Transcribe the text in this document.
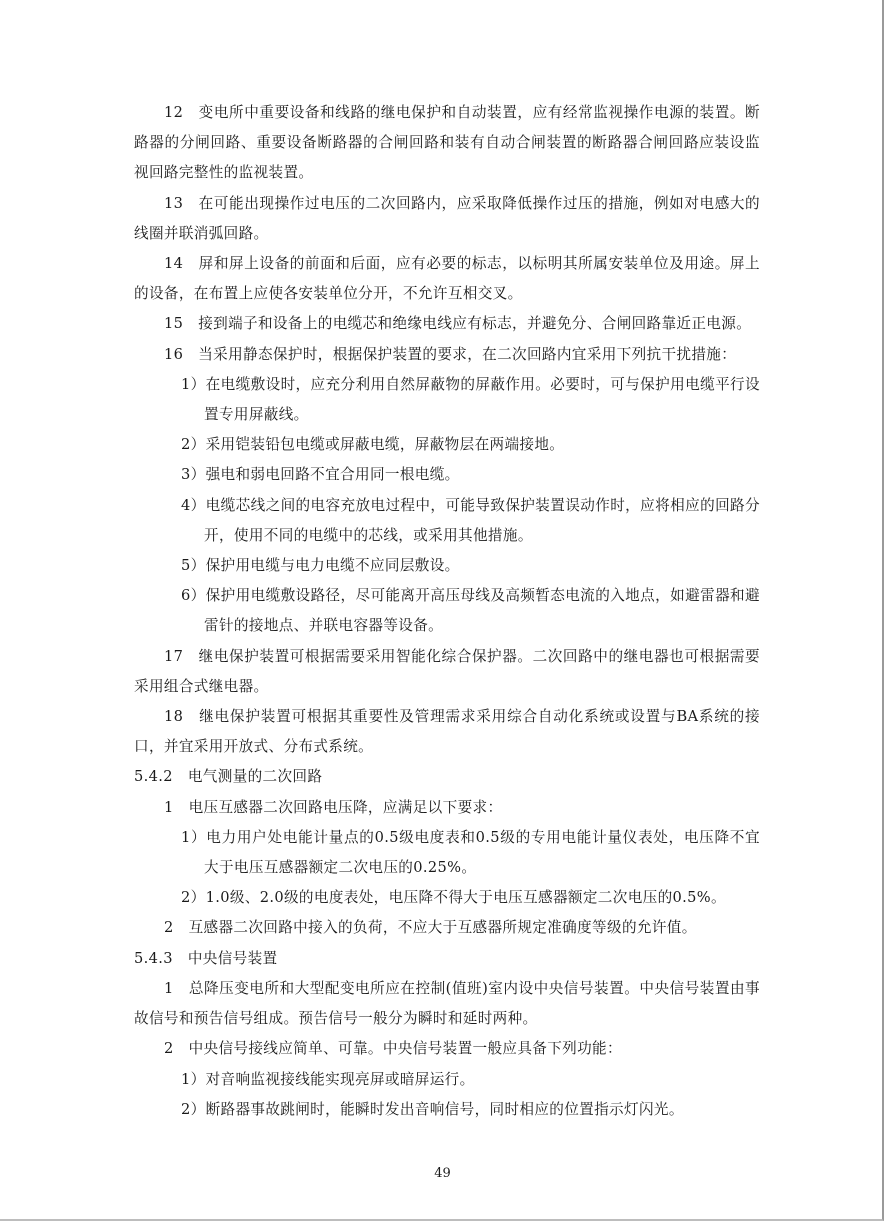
12　变电所中重要设备和线路的继电保护和自动装置，应有经常监视操作电源的装置。断路器的分闸回路、重要设备断路器的合闸回路和装有自动合闸装置的断路器合闸回路应装设监视回路完整性的监视装置。

13　在可能出现操作过电压的二次回路内，应采取降低操作过压的措施，例如对电感大的线圈并联消弧回路。

14　屏和屏上设备的前面和后面，应有必要的标志，以标明其所属安装单位及用途。屏上的设备，在布置上应使各安装单位分开，不允许互相交叉。

15　接到端子和设备上的电缆芯和绝缘电线应有标志，并避免分、合闸回路靠近正电源。

16　当采用静态保护时，根据保护装置的要求，在二次回路内宜采用下列抗干扰措施：

1）在电缆敷设时，应充分利用自然屏蔽物的屏蔽作用。必要时，可与保护用电缆平行设置专用屏蔽线。

2）采用铠装铅包电缆或屏蔽电缆，屏蔽物层在两端接地。

3）强电和弱电回路不宜合用同一根电缆。

4）电缆芯线之间的电容充放电过程中，可能导致保护装置误动作时，应将相应的回路分开，使用不同的电缆中的芯线，或采用其他措施。

5）保护用电缆与电力电缆不应同层敷设。

6）保护用电缆敷设路径，尽可能离开高压母线及高频暂态电流的入地点，如避雷器和避雷针的接地点、并联电容器等设备。

17　继电保护装置可根据需要采用智能化综合保护器。二次回路中的继电器也可根据需要采用组合式继电器。

18　继电保护装置可根据其重要性及管理需求采用综合自动化系统或设置与BA系统的接口，并宜采用开放式、分布式系统。

5.4.2　电气测量的二次回路

1　电压互感器二次回路电压降，应满足以下要求：

1）电力用户处电能计量点的0.5级电度表和0.5级的专用电能计量仪表处，电压降不宜大于电压互感器额定二次电压的0.25%。

2）1.0级、2.0级的电度表处，电压降不得大于电压互感器额定二次电压的0.5%。

2　互感器二次回路中接入的负荷，不应大于互感器所规定准确度等级的允许值。

5.4.3　中央信号装置

1　总降压变电所和大型配变电所应在控制(值班)室内设中央信号装置。中央信号装置由事故信号和预告信号组成。预告信号一般分为瞬时和延时两种。

2　中央信号接线应简单、可靠。中央信号装置一般应具备下列功能：

1）对音响监视接线能实现亮屏或暗屏运行。

2）断路器事故跳闸时，能瞬时发出音响信号，同时相应的位置指示灯闪光。

49
